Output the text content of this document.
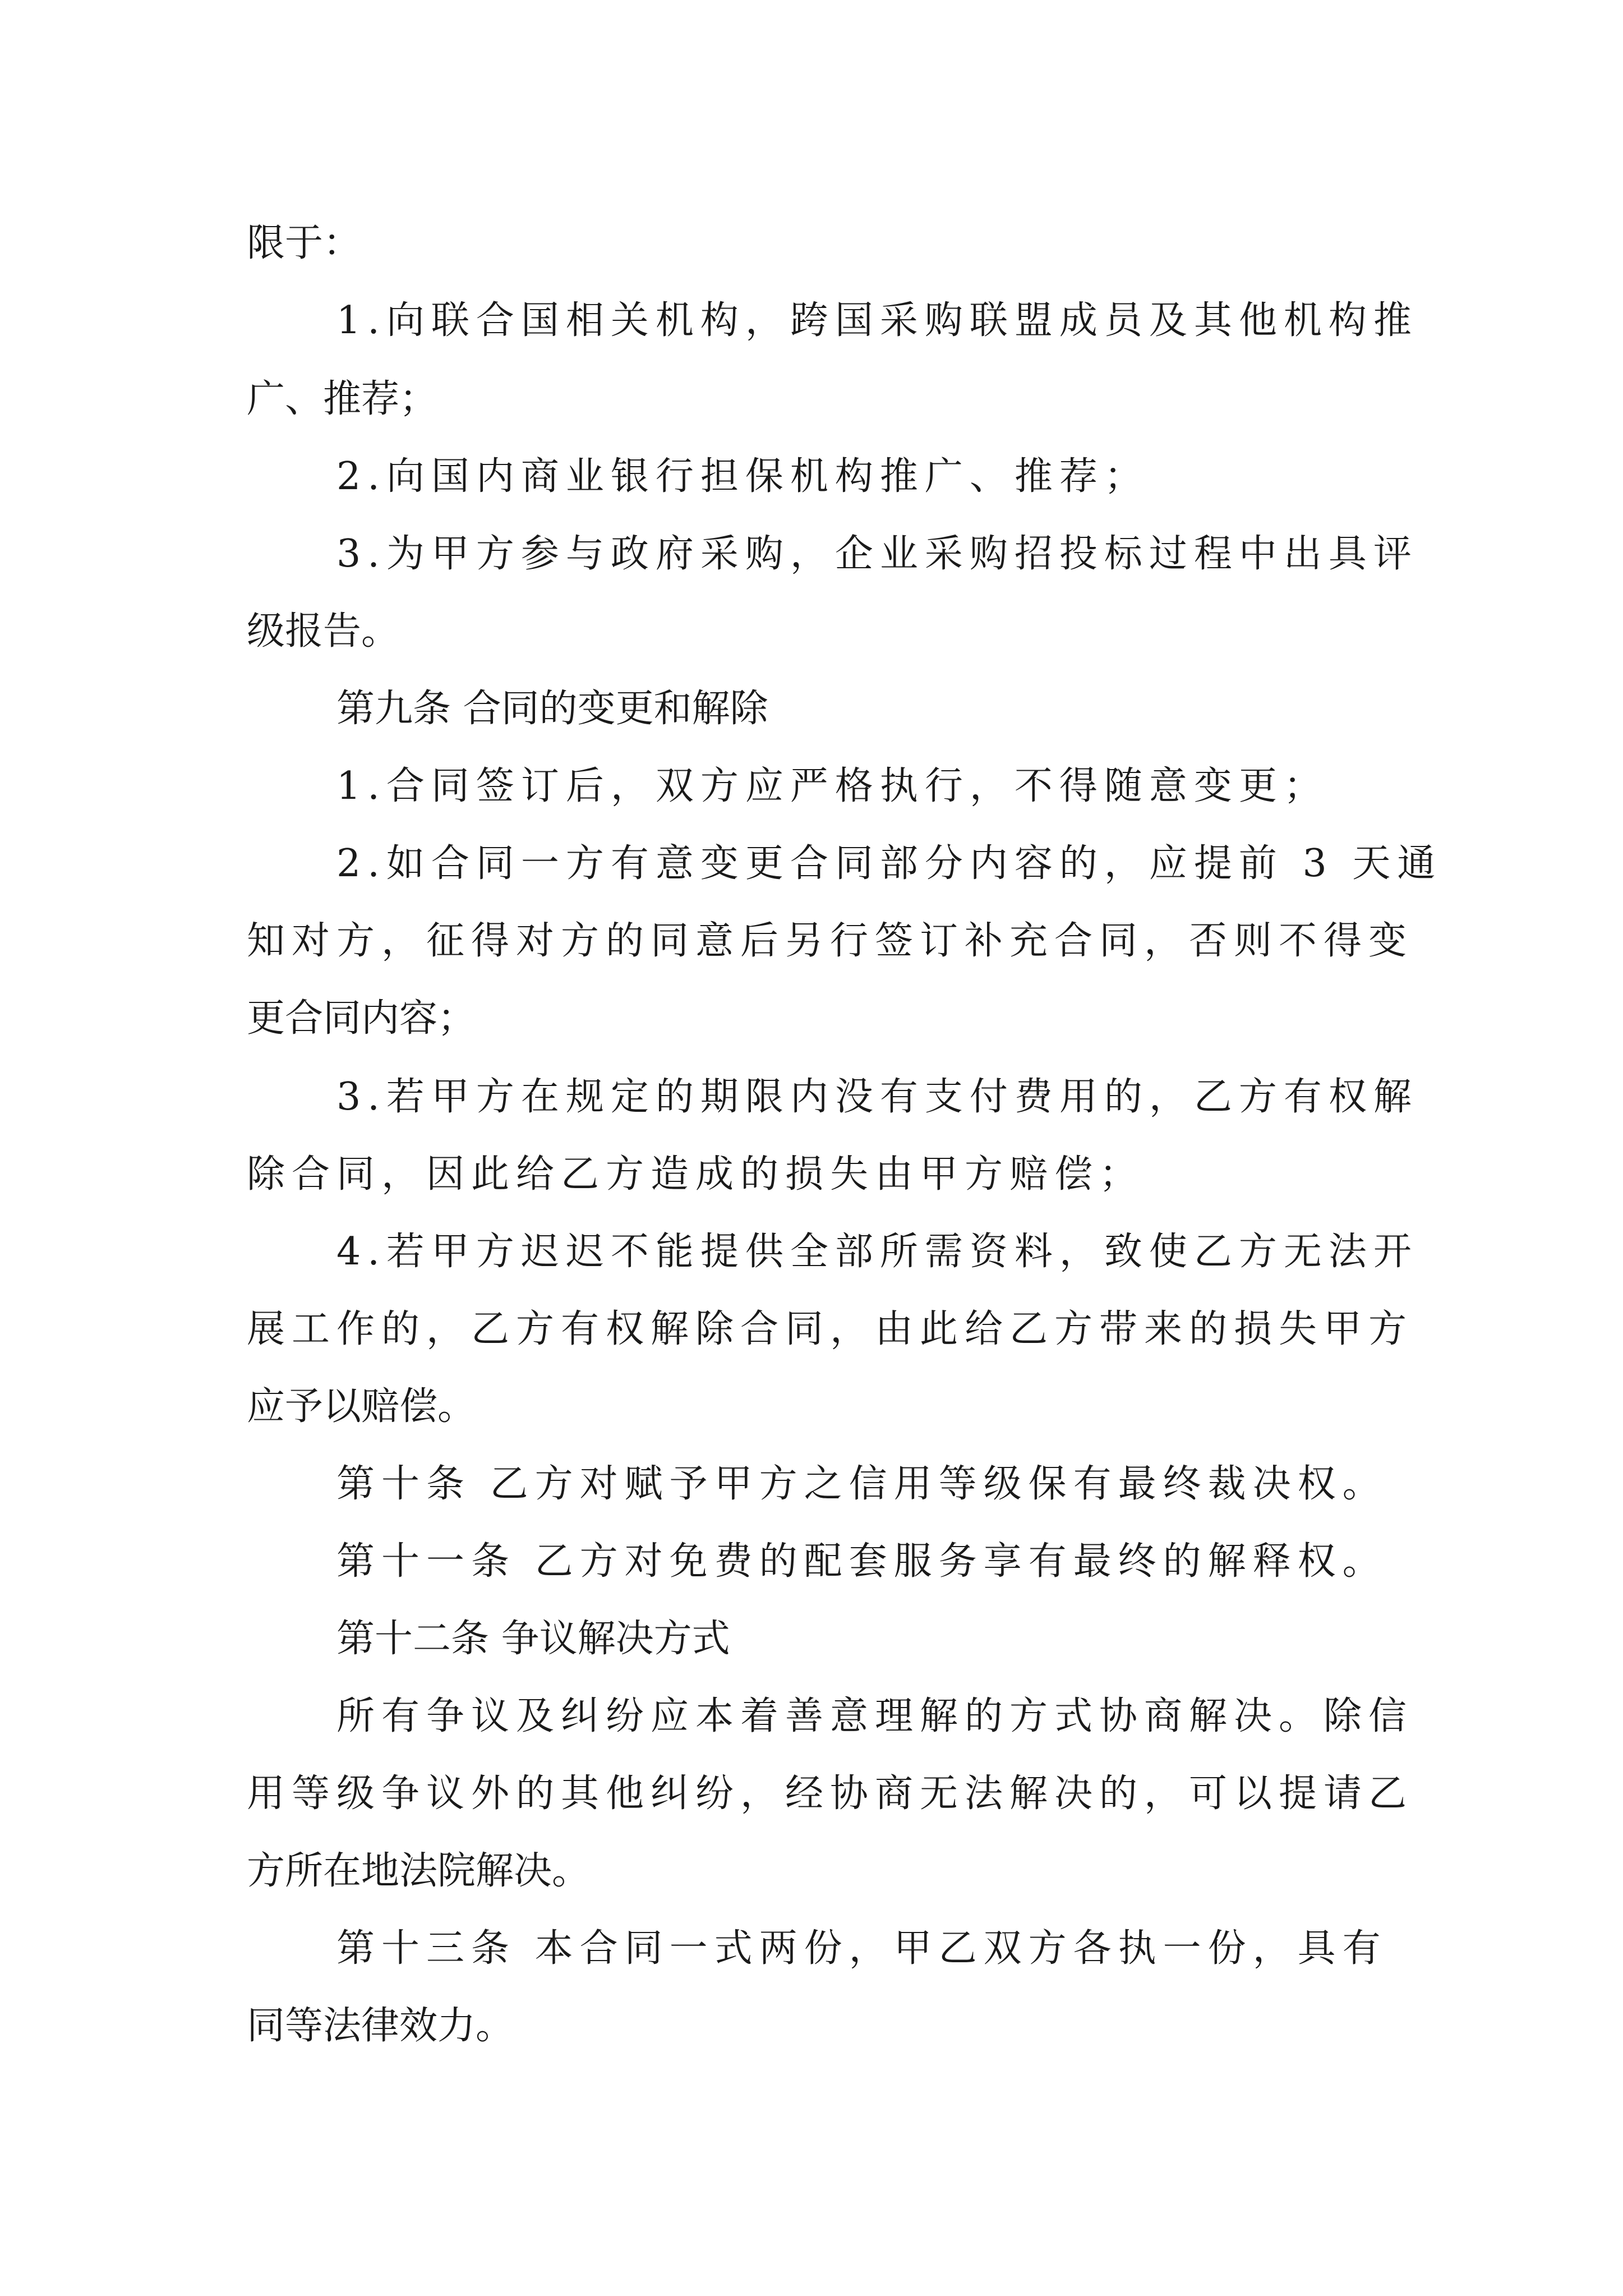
限于：

1.向联合国相关机构，跨国采购联盟成员及其他机构推

广、推荐；

2.向国内商业银行担保机构推广、推荐；

3.为甲方参与政府采购，企业采购招投标过程中出具评

级报告。

第九条 合同的变更和解除

1.合同签订后，双方应严格执行，不得随意变更；

2.如合同一方有意变更合同部分内容的，应提前 3 天通

知对方，征得对方的同意后另行签订补充合同，否则不得变

更合同内容；

3.若甲方在规定的期限内没有支付费用的，乙方有权解

除合同，因此给乙方造成的损失由甲方赔偿；

4.若甲方迟迟不能提供全部所需资料，致使乙方无法开

展工作的，乙方有权解除合同，由此给乙方带来的损失甲方

应予以赔偿。

第十条 乙方对赋予甲方之信用等级保有最终裁决权。

第十一条 乙方对免费的配套服务享有最终的解释权。

第十二条 争议解决方式

所有争议及纠纷应本着善意理解的方式协商解决。除信

用等级争议外的其他纠纷，经协商无法解决的，可以提请乙

方所在地法院解决。

第十三条 本合同一式两份，甲乙双方各执一份，具有

同等法律效力。
